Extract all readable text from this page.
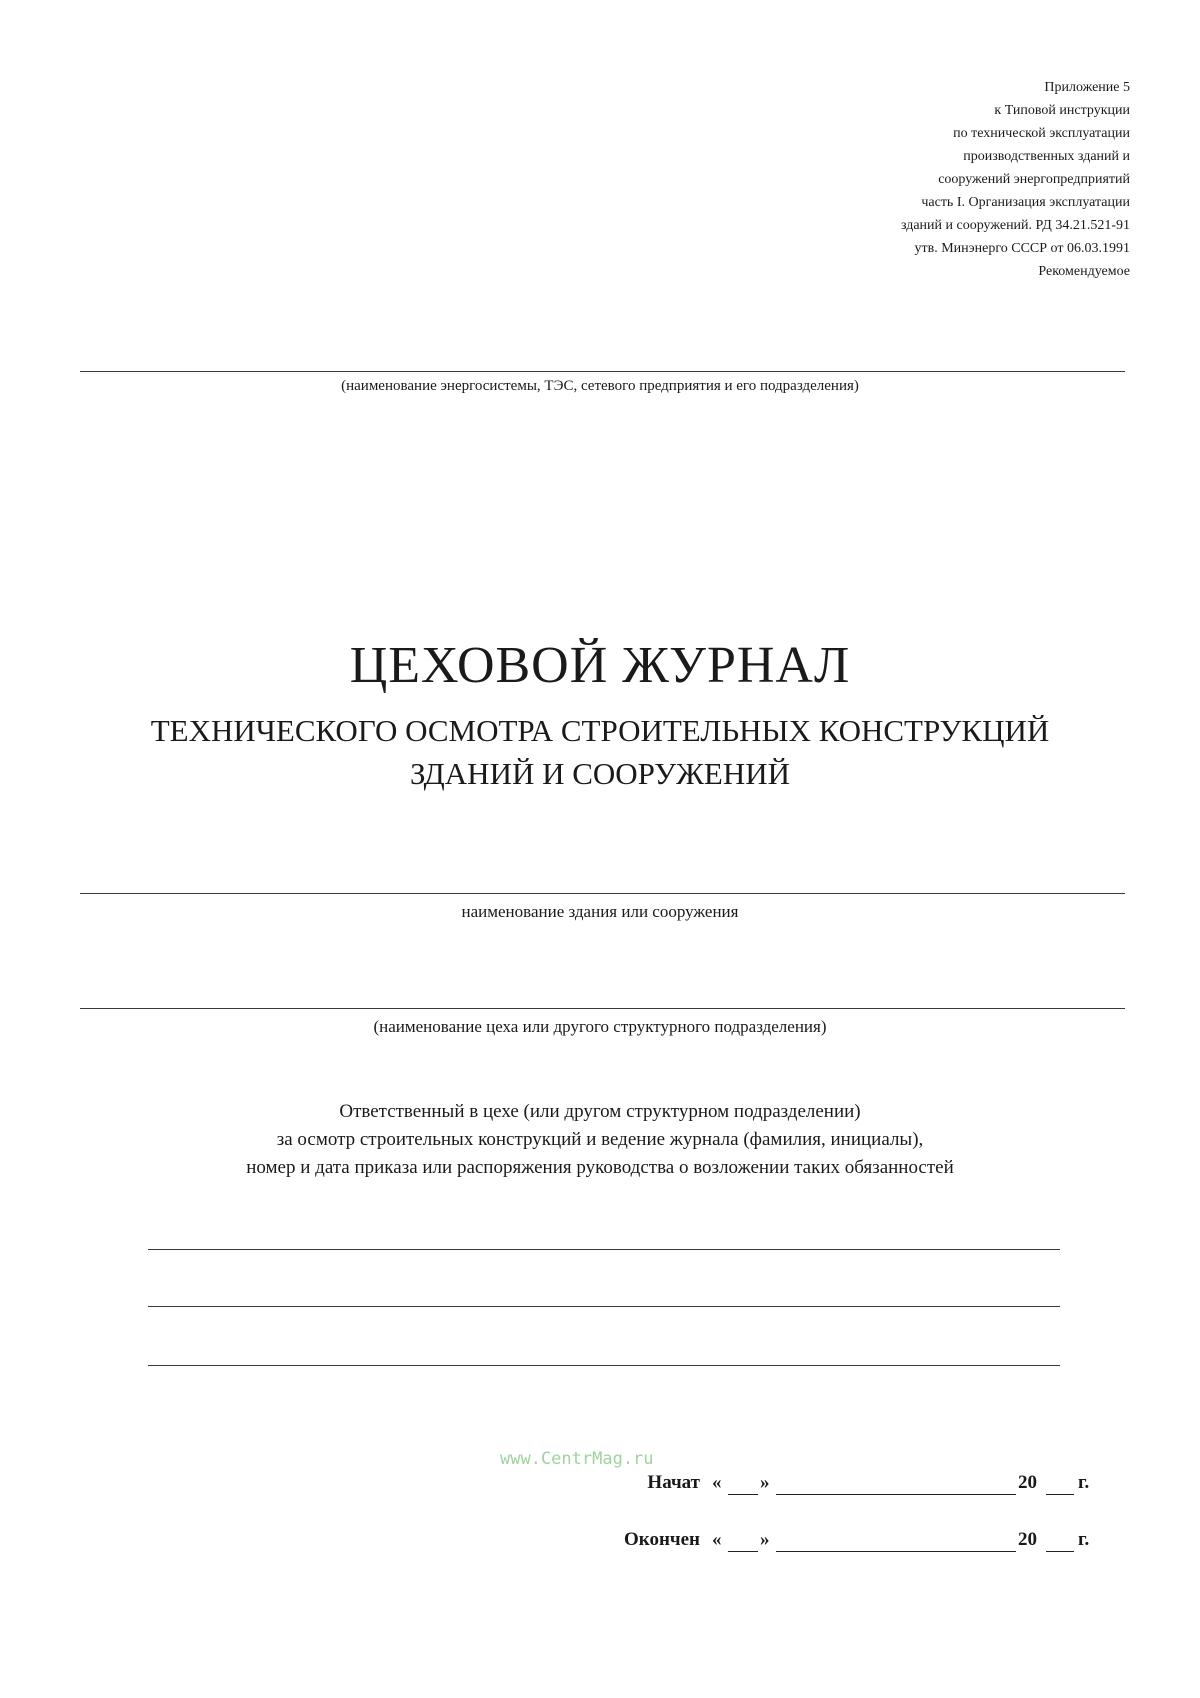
Приложение 5
к Типовой инструкции
по технической эксплуатации
производственных зданий и
сооружений энергопредприятий
часть I. Организация эксплуатации
зданий и сооружений. РД 34.21.521-91
утв. Минэнерго СССР от 06.03.1991
Рекомендуемое
(наименование энергосистемы, ТЭС, сетевого предприятия и его подразделения)
ЦЕХОВОЙ ЖУРНАЛ
ТЕХНИЧЕСКОГО ОСМОТРА СТРОИТЕЛЬНЫХ КОНСТРУКЦИЙ
ЗДАНИЙ И СООРУЖЕНИЙ
наименование здания или сооружения
(наименование цеха или другого структурного подразделения)
Ответственный в цехе (или другом структурном подразделении)
за осмотр строительных конструкций и ведение журнала (фамилия, инициалы),
номер и дата приказа или распоряжения руководства о возложении таких обязанностей
www.CentrMag.ru
Начат « »	20 г.
Окончен « »	20 г.
